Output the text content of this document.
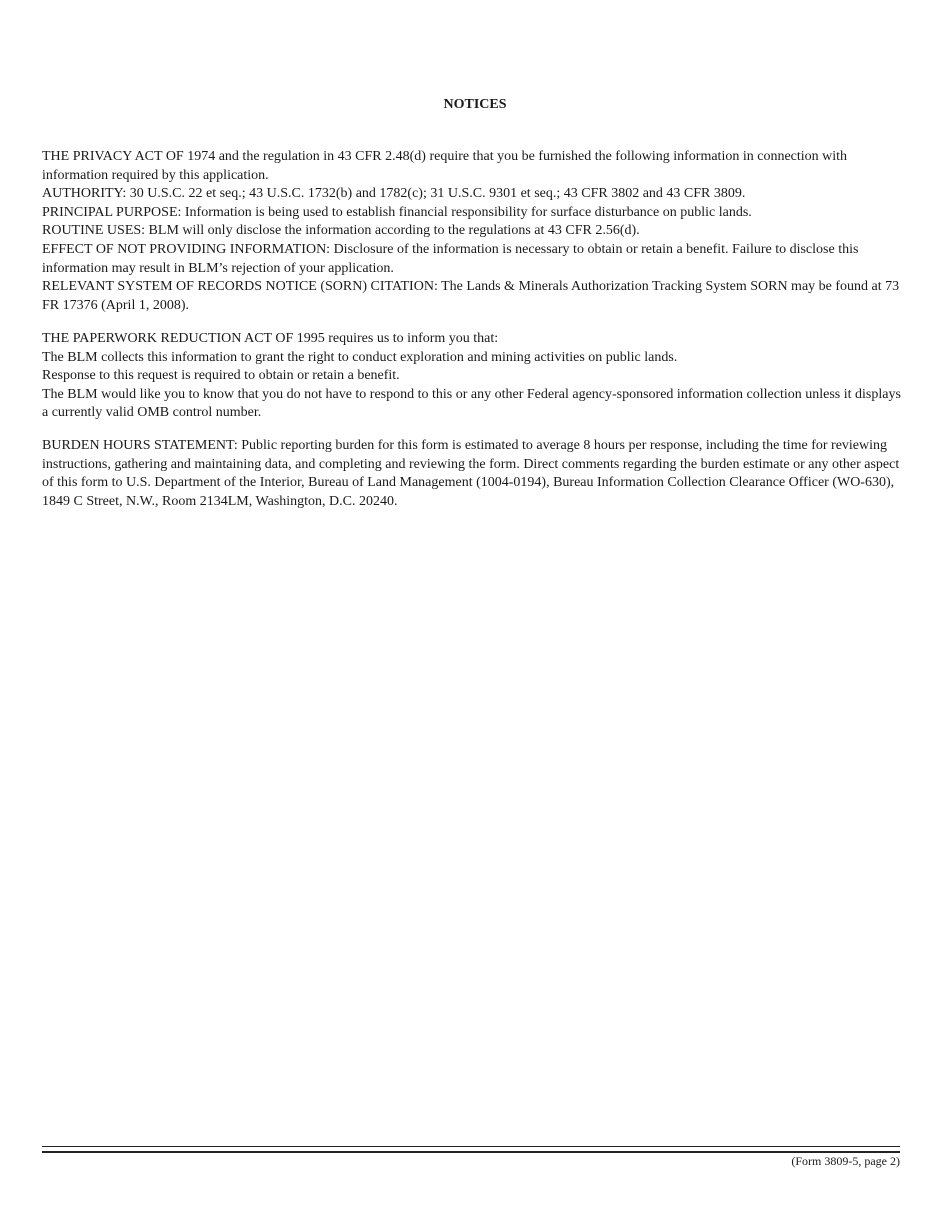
NOTICES

THE PRIVACY ACT OF 1974 and the regulation in 43 CFR 2.48(d) require that you be furnished the following information in connection with information required by this application.

AUTHORITY: 30 U.S.C. 22 et seq.; 43 U.S.C. 1732(b) and 1782(c); 31 U.S.C. 9301 et seq.; 43 CFR 3802 and 43 CFR 3809.

PRINCIPAL PURPOSE: Information is being used to establish financial responsibility for surface disturbance on public lands.

ROUTINE USES: BLM will only disclose the information according to the regulations at 43 CFR 2.56(d).

EFFECT OF NOT PROVIDING INFORMATION: Disclosure of the information is necessary to obtain or retain a benefit. Failure to disclose this information may result in BLM’s rejection of your application.

RELEVANT SYSTEM OF RECORDS NOTICE (SORN) CITATION: The Lands & Minerals Authorization Tracking System SORN may be found at 73 FR 17376 (April 1, 2008).

THE PAPERWORK REDUCTION ACT OF 1995 requires us to inform you that:

The BLM collects this information to grant the right to conduct exploration and mining activities on public lands.

Response to this request is required to obtain or retain a benefit.

The BLM would like you to know that you do not have to respond to this or any other Federal agency-sponsored information collection unless it displays a currently valid OMB control number.

BURDEN HOURS STATEMENT: Public reporting burden for this form is estimated to average 8 hours per response, including the time for reviewing instructions, gathering and maintaining data, and completing and reviewing the form. Direct comments regarding the burden estimate or any other aspect of this form to U.S. Department of the Interior, Bureau of Land Management (1004-0194), Bureau Information Collection Clearance Officer (WO-630), 1849 C Street, N.W., Room 2134LM, Washington, D.C. 20240.

(Form 3809-5, page 2)
